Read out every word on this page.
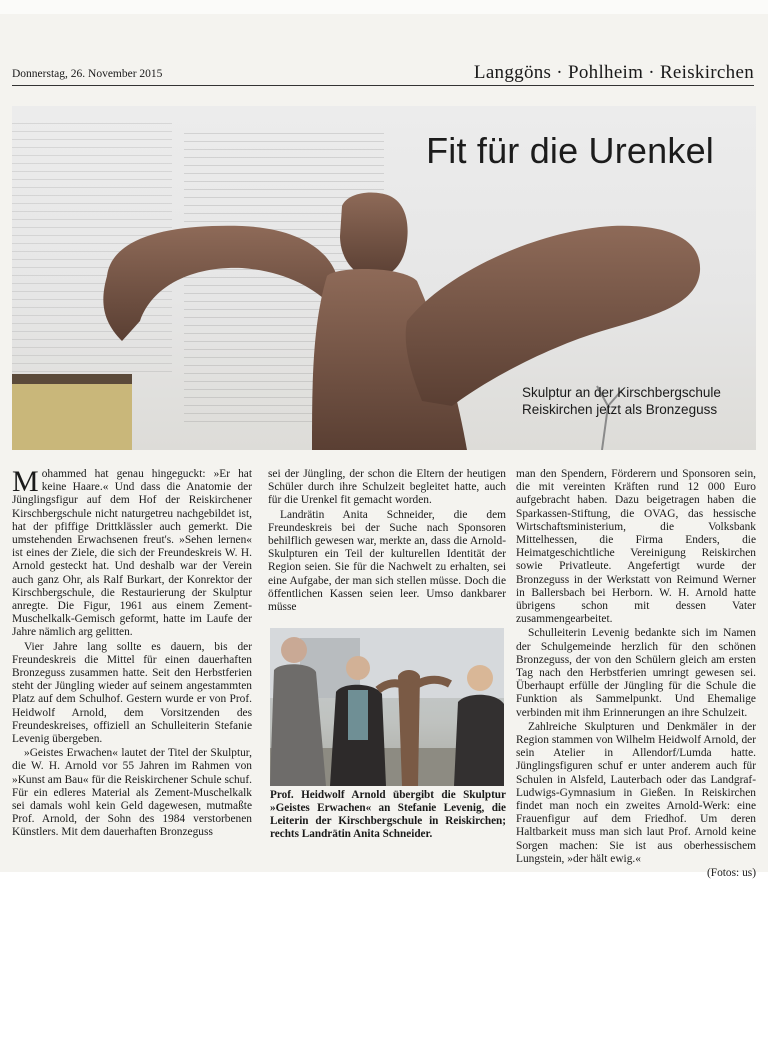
Donnerstag, 26. November 2015	Langgöns · Pohlheim · Reiskirchen
Fit für die Urenkel
Skulptur an der Kirschbergschule
Reiskirchen jetzt als Bronzeguss

Mohammed hat genau hingeguckt: »Er hat keine Haare.« Und dass die Anatomie der Jünglingsfigur auf dem Hof der Reiskirchener Kirschbergschule nicht naturgetreu nachgebildet ist, hat der pfiffige Drittklässler auch gemerkt. Die umstehenden Erwachsenen freut's. »Sehen lernen« ist eines der Ziele, die sich der Freundeskreis W. H. Arnold gesteckt hat. Und deshalb war der Verein auch ganz Ohr, als Ralf Burkart, der Konrektor der Kirschbergschule, die Restaurierung der Skulptur anregte. Die Figur, 1961 aus einem Zement-Muschelkalk-Gemisch geformt, hatte im Laufe der Jahre nämlich arg gelitten.

Vier Jahre lang sollte es dauern, bis der Freundeskreis die Mittel für einen dauerhaften Bronzeguss zusammen hatte. Seit den Herbstferien steht der Jüngling wieder auf seinem angestammten Platz auf dem Schulhof. Gestern wurde er von Prof. Heidwolf Arnold, dem Vorsitzenden des Freundeskreises, offiziell an Schulleiterin Stefanie Levenig übergeben.

»Geistes Erwachen« lautet der Titel der Skulptur, die W. H. Arnold vor 55 Jahren im Rahmen von »Kunst am Bau« für die Reiskirchener Schule schuf. Für ein edleres Material als Zement-Muschelkalk sei damals wohl kein Geld dagewesen, mutmaßte Prof. Arnold, der Sohn des 1984 verstorbenen Künstlers. Mit dem dauerhaften Bronzeguss

sei der Jüngling, der schon die Eltern der heutigen Schüler durch ihre Schulzeit begleitet hatte, auch für die Urenkel fit gemacht worden.

Landrätin Anita Schneider, die dem Freundeskreis bei der Suche nach Sponsoren behilflich gewesen war, merkte an, dass die Arnold-Skulpturen ein Teil der kulturellen Identität der Region seien. Sie für die Nachwelt zu erhalten, sei eine Aufgabe, der man sich stellen müsse. Doch die öffentlichen Kassen seien leer. Umso dankbarer müsse

Prof. Heidwolf Arnold übergibt die Skulptur »Geistes Erwachen« an Stefanie Levenig, die Leiterin der Kirschbergschule in Reiskirchen; rechts Landrätin Anita Schneider.

man den Spendern, Förderern und Sponsoren sein, die mit vereinten Kräften rund 12 000 Euro aufgebracht haben. Dazu beigetragen haben die Sparkassen-Stiftung, die OVAG, das hessische Wirtschaftsministerium, die Volksbank Mittelhessen, die Firma Enders, die Heimatgeschichtliche Vereinigung Reiskirchen sowie Privatleute. Angefertigt wurde der Bronzeguss in der Werkstatt von Reimund Werner in Ballersbach bei Herborn. W. H. Arnold hatte übrigens schon mit dessen Vater zusammengearbeitet.

Schulleiterin Levenig bedankte sich im Namen der Schulgemeinde herzlich für den schönen Bronzeguss, der von den Schülern gleich am ersten Tag nach den Herbstferien umringt gewesen sei. Überhaupt erfülle der Jüngling für die Schule die Funktion als Sammelpunkt. Und Ehemalige verbinden mit ihm Erinnerungen an ihre Schulzeit.

Zahlreiche Skulpturen und Denkmäler in der Region stammen von Wilhelm Heidwolf Arnold, der sein Atelier in Allendorf/Lumda hatte. Jünglingsfiguren schuf er unter anderem auch für Schulen in Alsfeld, Lauterbach oder das Landgraf-Ludwigs-Gymnasium in Gießen. In Reiskirchen findet man noch ein zweites Arnold-Werk: eine Frauenfigur auf dem Friedhof. Um deren Haltbarkeit muss man sich laut Prof. Arnold keine Sorgen machen: Sie ist aus oberhessischem Lungstein, »der hält ewig.«

(Fotos: us)
